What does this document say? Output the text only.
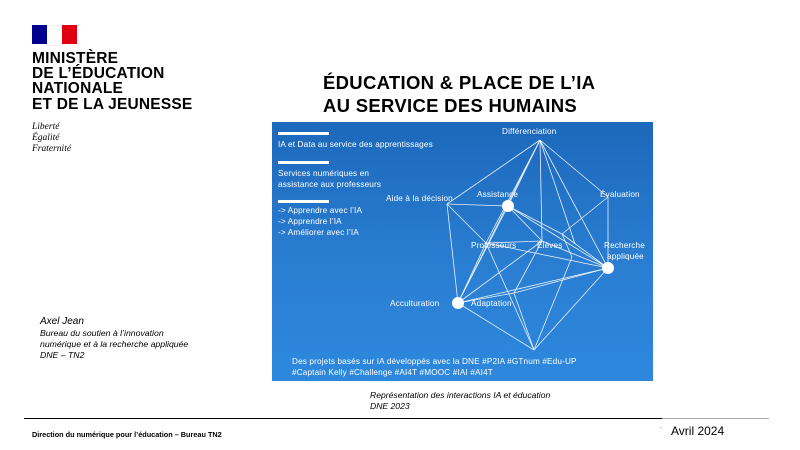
MINISTÈRE
DE L’ÉDUCATION
NATIONALE
ET DE LA JEUNESSE
Liberté
Égalité
Fraternité
ÉDUCATION & PLACE DE L’IA
AU SERVICE DES HUMAINS
IA et Data au service des apprentissages
Services numériques en
assistance aux professeurs
-> Apprendre avec l’IA
-> Apprendre l’IA
-> Améliorer avec l’IA
Différenciation
Aide à la décision	Assistance	Évaluation
Professeurs	Élèves	Recherche
appliquée
Acculturation	Adaptation
Des projets basés sur IA développés avec la DNE #P2IA #GTnum #Edu-UP
#Captain Kelly #Challenge #AI4T #MOOC #IAI #AI4T
Représentation des interactions IA et éducation
DNE 2023
Axel Jean
Bureau du soutien à l’innovation
numérique et à la recherche appliquée
DNE – TN2
Direction du numérique pour l’éducation – Bureau TN2
- Avril 2024
